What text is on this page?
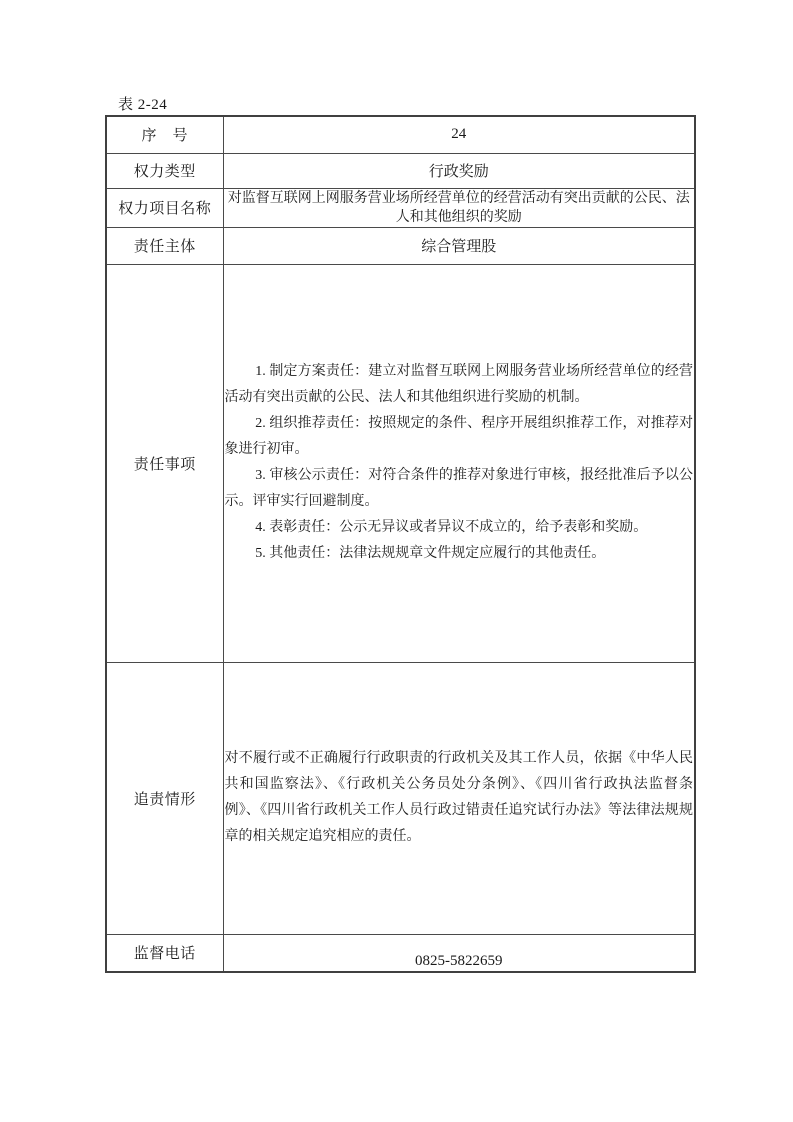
表 2-24
序　号	24
权力类型	行政奖励
权力项目名称	对监督互联网上网服务营业场所经营单位的经营活动有突出贡献的公民、法人和其他组织的奖励
责任主体	综合管理股
责任事项	1. 制定方案责任：建立对监督互联网上网服务营业场所经营单位的经营活动有突出贡献的公民、法人和其他组织进行奖励的机制。

2. 组织推荐责任：按照规定的条件、程序开展组织推荐工作，对推荐对象进行初审。

3. 审核公示责任：对符合条件的推荐对象进行审核，报经批准后予以公示。评审实行回避制度。

4. 表彰责任：公示无异议或者异议不成立的，给予表彰和奖励。

5. 其他责任：法律法规规章文件规定应履行的其他责任。

追责情形	对不履行或不正确履行行政职责的行政机关及其工作人员，依据《中华人民共和国监察法》、《行政机关公务员处分条例》、《四川省行政执法监督条例》、《四川省行政机关工作人员行政过错责任追究试行办法》等法律法规规章的相关规定追究相应的责任。
监督电话	0825-5822659
